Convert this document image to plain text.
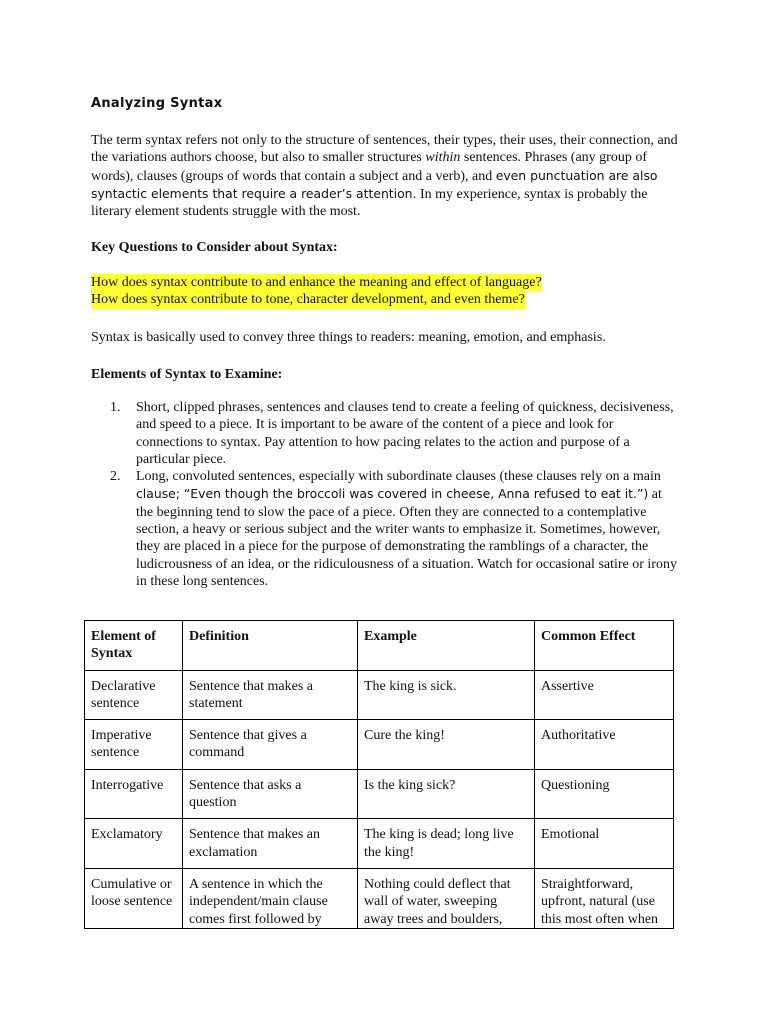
Analyzing Syntax

The term syntax refers not only to the structure of sentences, their types, their uses, their connection, and the variations authors choose, but also to smaller structures within sentences. Phrases (any group of words), clauses (groups of words that contain a subject and a verb), and even punctuation are also syntactic elements that require a reader’s attention. In my experience, syntax is probably the literary element students struggle with the most.

Key Questions to Consider about Syntax:

How does syntax contribute to and enhance the meaning and effect of language?
How does syntax contribute to tone, character development, and even theme?

Syntax is basically used to convey three things to readers: meaning, emotion, and emphasis.

Elements of Syntax to Examine:

1. Short, clipped phrases, sentences and clauses tend to create a feeling of quickness, decisiveness, and speed to a piece. It is important to be aware of the content of a piece and look for connections to syntax. Pay attention to how pacing relates to the action and purpose of a particular piece.
2. Long, convoluted sentences, especially with subordinate clauses (these clauses rely on a main clause; “Even though the broccoli was covered in cheese, Anna refused to eat it.”) at the beginning tend to slow the pace of a piece. Often they are connected to a contemplative section, a heavy or serious subject and the writer wants to emphasize it. Sometimes, however, they are placed in a piece for the purpose of demonstrating the ramblings of a character, the ludicrousness of an idea, or the ridiculousness of a situation. Watch for occasional satire or irony in these long sentences.
Element of Syntax	Definition	Example	Common Effect
Declarative sentence	Sentence that makes a statement	The king is sick.	Assertive
Imperative sentence	Sentence that gives a command	Cure the king!	Authoritative
Interrogative	Sentence that asks a question	Is the king sick?	Questioning
Exclamatory	Sentence that makes an exclamation	The king is dead; long live the king!	Emotional

Cumulative or loose sentence	A sentence in which the independent/main clause comes first followed by	Nothing could deflect that wall of water, sweeping away trees and boulders,	Straightforward, upfront, natural (use this most often when
